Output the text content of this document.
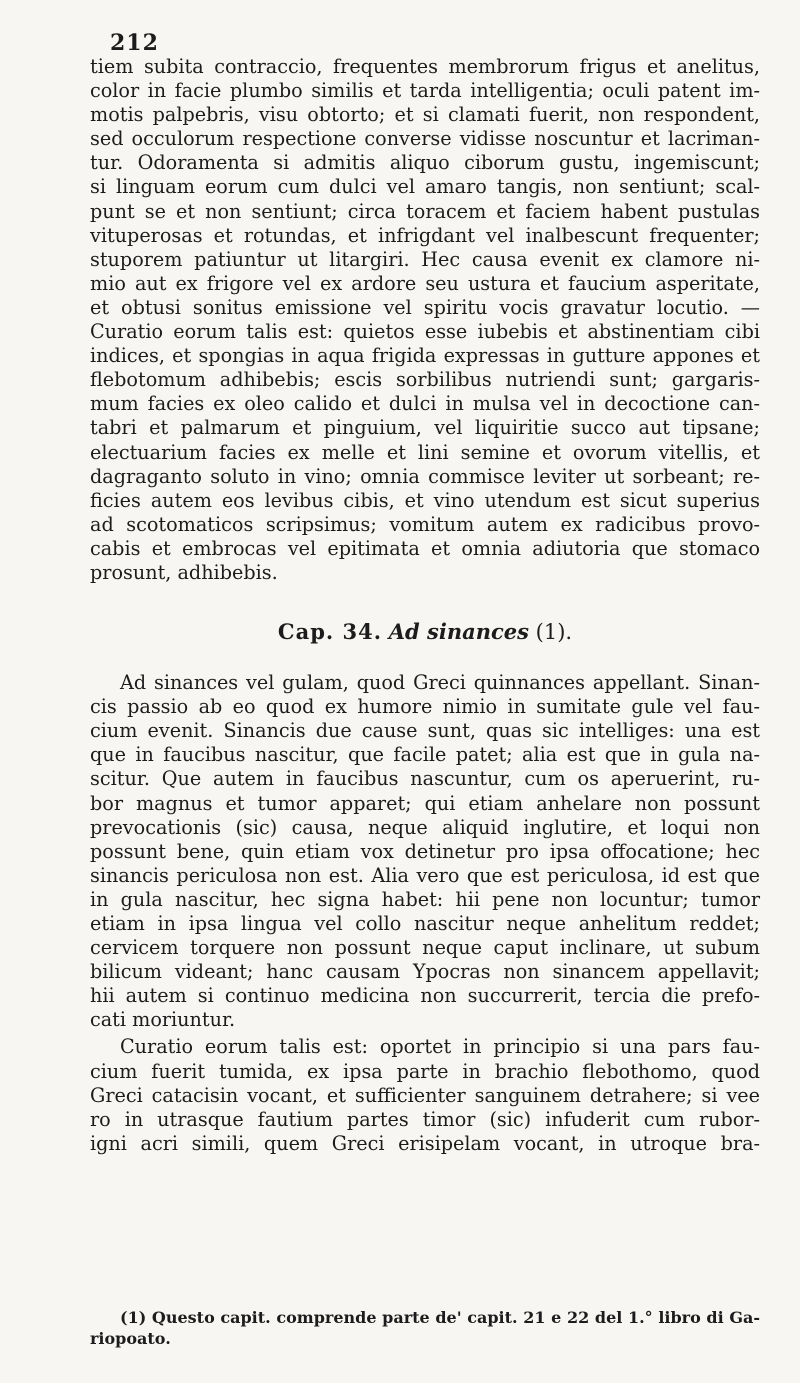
212
tiem subita contraccio, frequentes membrorum frigus et anelitus,
color in facie plumbo similis et tarda intelligentia; oculi patent im-
motis palpebris, visu obtorto; et si clamati fuerit, non respondent,
sed occulorum respectione converse vidisse noscuntur et lacriman-
tur. Odoramenta si admitis aliquo ciborum gustu, ingemiscunt;
si linguam eorum cum dulci vel amaro tangis, non sentiunt; scal-
punt se et non sentiunt; circa toracem et faciem habent pustulas
vituperosas et rotundas, et infrigdant vel inalbescunt frequenter;
stuporem patiuntur ut litargiri. Hec causa evenit ex clamore ni-
mio aut ex frigore vel ex ardore seu ustura et faucium asperitate,
et obtusi sonitus emissione vel spiritu vocis gravatur locutio. —
Curatio eorum talis est: quietos esse iubebis et abstinentiam cibi
indices, et spongias in aqua frigida expressas in gutture appones et
flebotomum adhibebis; escis sorbilibus nutriendi sunt; gargaris-
mum facies ex oleo calido et dulci in mulsa vel in decoctione can-
tabri et palmarum et pinguium, vel liquiritie succo aut tipsane;
electuarium facies ex melle et lini semine et ovorum vitellis, et
dagraganto soluto in vino; omnia commisce leviter ut sorbeant; re-
ficies autem eos levibus cibis, et vino utendum est sicut superius
ad scotomaticos scripsimus; vomitum autem ex radicibus provo-
cabis et embrocas vel epitimata et omnia adiutoria que stomaco
prosunt, adhibebis.
Cap. 34. Ad sinances (1).
Ad sinances vel gulam, quod Greci quinnances appellant. Sinan-
cis passio ab eo quod ex humore nimio in sumitate gule vel fau-
cium evenit. Sinancis due cause sunt, quas sic intelliges: una est
que in faucibus nascitur, que facile patet; alia est que in gula na-
scitur. Que autem in faucibus nascuntur, cum os aperuerint, ru-
bor magnus et tumor apparet; qui etiam anhelare non possunt
prevocationis (sic) causa, neque aliquid inglutire, et loqui non
possunt bene, quin etiam vox detinetur pro ipsa offocatione; hec
sinancis periculosa non est. Alia vero que est periculosa, id est que
in gula nascitur, hec signa habet: hii pene non locuntur; tumor
etiam in ipsa lingua vel collo nascitur neque anhelitum reddet;
cervicem torquere non possunt neque caput inclinare, ut subum
bilicum videant; hanc causam Ypocras non sinancem appellavit;
hii autem si continuo medicina non succurrerit, tercia die prefo-
cati moriuntur.
Curatio eorum talis est: oportet in principio si una pars fau-
cium fuerit tumida, ex ipsa parte in brachio flebothomo, quod
Greci catacisin vocant, et sufficienter sanguinem detrahere; si vee
ro in utrasque fautium partes timor (sic) infuderit cum rubor-
igni acri simili, quem Greci erisipelam vocant, in utroque bra-
(1) Questo capit. comprende parte de' capit. 21 e 22 del 1.° libro di Ga-
riopoato.
